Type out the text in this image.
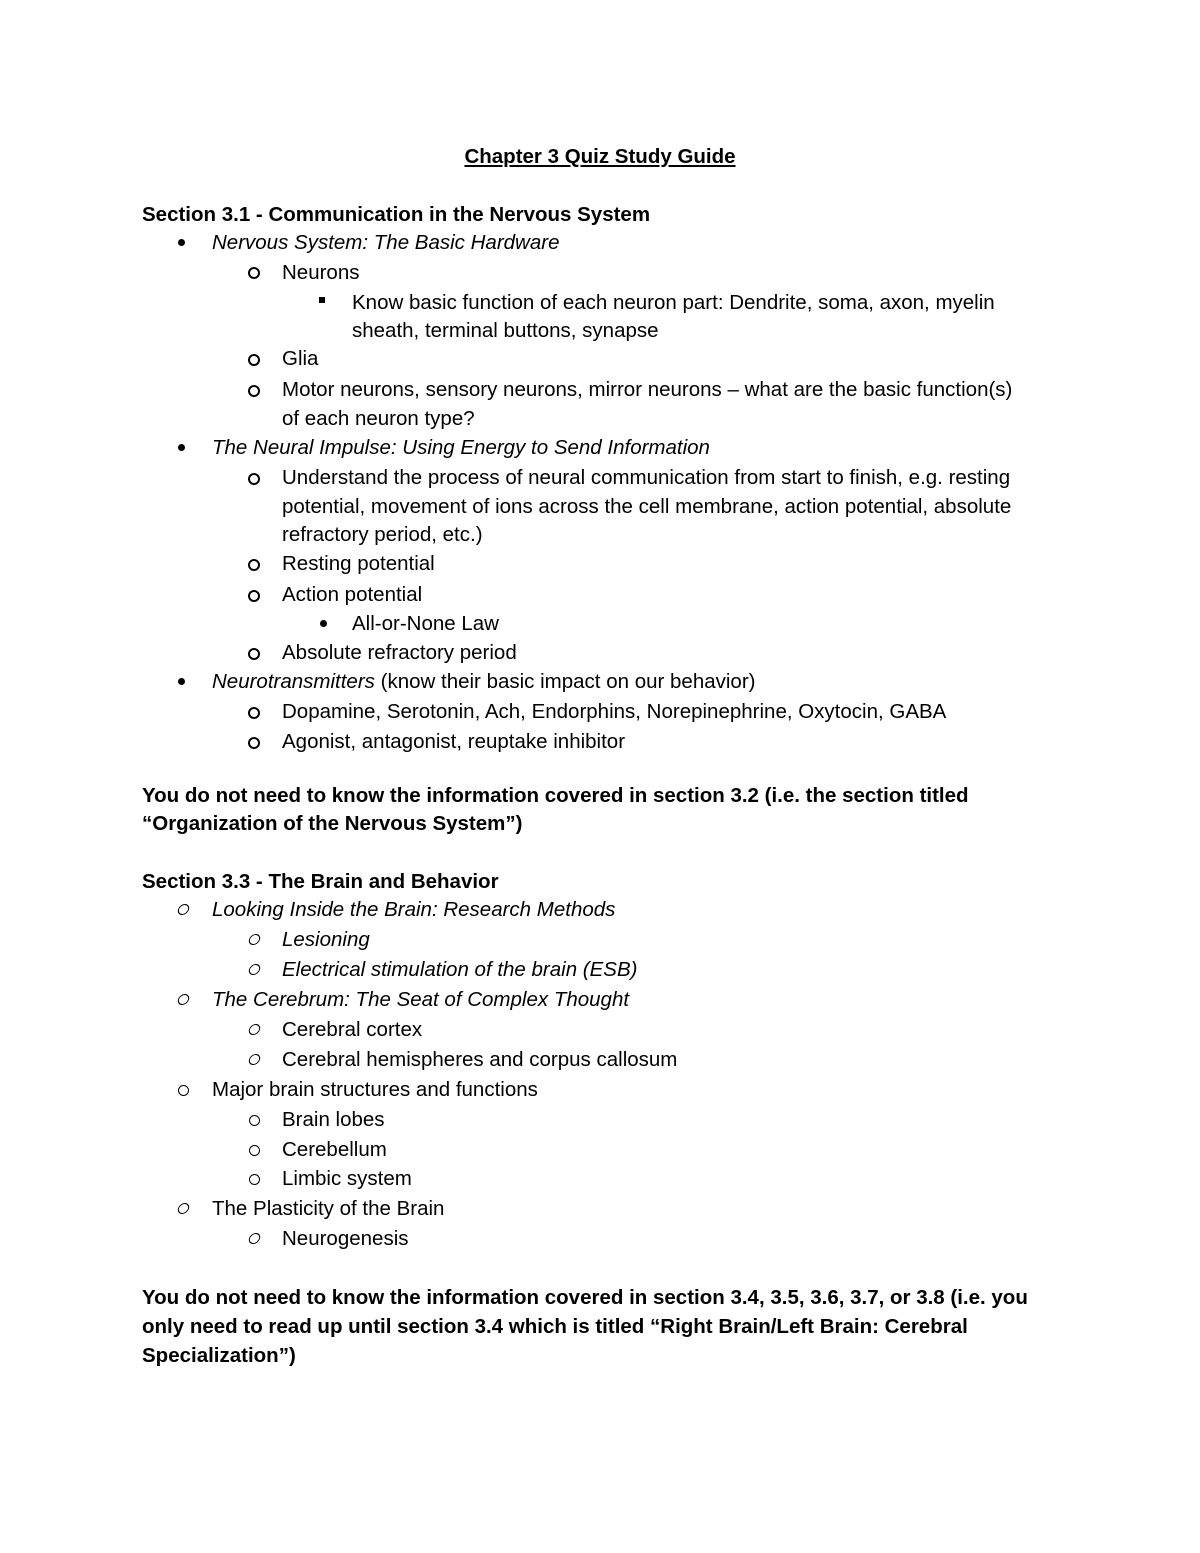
Chapter 3 Quiz Study Guide
Section 3.1 - Communication in the Nervous System
Nervous System: The Basic Hardware
Neurons
Know basic function of each neuron part: Dendrite, soma, axon, myelin
sheath, terminal buttons, synapse
Glia
Motor neurons, sensory neurons, mirror neurons – what are the basic function(s)
of each neuron type?
The Neural Impulse: Using Energy to Send Information
Understand the process of neural communication from start to finish, e.g. resting
potential, movement of ions across the cell membrane, action potential, absolute
refractory period, etc.)
Resting potential
Action potential
All-or-None Law
Absolute refractory period
Neurotransmitters (know their basic impact on our behavior)
Dopamine, Serotonin, Ach, Endorphins, Norepinephrine, Oxytocin, GABA
Agonist, antagonist, reuptake inhibitor
You do not need to know the information covered in section 3.2 (i.e. the section titled
“Organization of the Nervous System”)
Section 3.3 - The Brain and Behavior
Looking Inside the Brain: Research Methods
Lesioning
Electrical stimulation of the brain (ESB)
The Cerebrum: The Seat of Complex Thought
Cerebral cortex
Cerebral hemispheres and corpus callosum
Major brain structures and functions
Brain lobes
Cerebellum
Limbic system
The Plasticity of the Brain
Neurogenesis
You do not need to know the information covered in section 3.4, 3.5, 3.6, 3.7, or 3.8 (i.e. you
only need to read up until section 3.4 which is titled “Right Brain/Left Brain: Cerebral
Specialization”)
